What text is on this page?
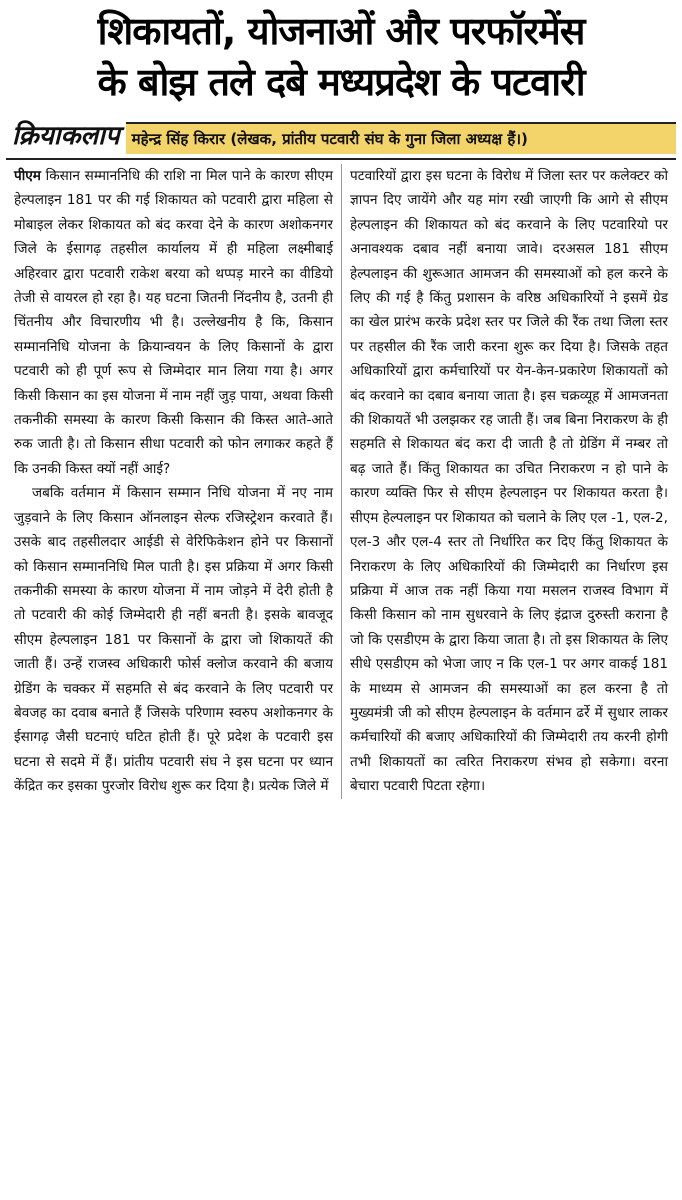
शिकायतों, योजनाओं और परफॉरमेंस
के बोझ तले दबे मध्यप्रदेश के पटवारी
क्रियाकलाप महेन्द्र सिंह किरार (लेखक, प्रांतीय पटवारी संघ के गुना जिला अध्यक्ष हैं।)

पीएम किसान सम्माननिधि की राशि ना मिल पाने के कारण सीएम हेल्पलाइन 181 पर की गई शिकायत को पटवारी द्वारा महिला से मोबाइल लेकर शिकायत को बंद करवा देने के कारण अशोकनगर जिले के ईसागढ़ तहसील कार्यालय में ही महिला लक्ष्मीबाई अहिरवार द्वारा पटवारी राकेश बरया को थप्पड़ मारने का वीडियो तेजी से वायरल हो रहा है। यह घटना जितनी निंदनीय है, उतनी ही चिंतनीय और विचारणीय भी है। उल्लेखनीय है कि, किसान सम्माननिधि योजना के क्रियान्वयन के लिए किसानों के द्वारा पटवारी को ही पूर्ण रूप से जिम्मेदार मान लिया गया है। अगर किसी किसान का इस योजना में नाम नहीं जुड़ पाया, अथवा किसी तकनीकी समस्या के कारण किसी किसान की किस्त आते-आते रुक जाती है। तो किसान सीधा पटवारी को फोन लगाकर कहते हैं कि उनकी किस्त क्यों नहीं आई?

जबकि वर्तमान में किसान सम्मान निधि योजना में नए नाम जुड़वाने के लिए किसान ऑनलाइन सेल्फ रजिस्ट्रेशन करवाते हैं। उसके बाद तहसीलदार आईडी से वेरिफिकेशन होने पर किसानों को किसान सम्माननिधि मिल पाती है। इस प्रक्रिया में अगर किसी तकनीकी समस्या के कारण योजना में नाम जोड़ने में देरी होती है तो पटवारी की कोई जिम्मेदारी ही नहीं बनती है। इसके बावजूद सीएम हेल्पलाइन 181 पर किसानों के द्वारा जो शिकायतें की जाती हैं। उन्हें राजस्व अधिकारी फोर्स क्लोज करवाने की बजाय ग्रेडिंग के चक्कर में सहमति से बंद करवाने के लिए पटवारी पर बेवजह का दवाब बनाते हैं जिसके परिणाम स्वरुप अशोकनगर के ईसागढ़ जैसी घटनाएं घटित होती हैं। पूरे प्रदेश के पटवारी इस घटना से सदमे में हैं। प्रांतीय पटवारी संघ ने इस घटना पर ध्यान केंद्रित कर इसका पुरजोर विरोध शुरू कर दिया है। प्रत्येक जिले में

पटवारियों द्वारा इस घटना के विरोध में जिला स्तर पर कलेक्टर को ज्ञापन दिए जायेंगे और यह मांग रखी जाएगी कि आगे से सीएम हेल्पलाइन की शिकायत को बंद करवाने के लिए पटवारियो पर अनावश्यक दबाव नहीं बनाया जावे। दरअसल 181 सीएम हेल्पलाइन की शुरूआत आमजन की समस्याओं को हल करने के लिए की गई है किंतु प्रशासन के वरिष्ठ अधिकारियों ने इसमें ग्रेड का खेल प्रारंभ करके प्रदेश स्तर पर जिले की रैंक तथा जिला स्तर पर तहसील की रैंक जारी करना शुरू कर दिया है। जिसके तहत अधिकारियों द्वारा कर्मचारियों पर येन-केन-प्रकारेण शिकायतों को बंद करवाने का दबाव बनाया जाता है। इस चक्रव्यूह में आमजनता की शिकायतें भी उलझकर रह जाती हैं। जब बिना निराकरण के ही सहमति से शिकायत बंद करा दी जाती है तो ग्रेडिंग में नम्बर तो बढ़ जाते हैं। किंतु शिकायत का उचित निराकरण न हो पाने के कारण व्यक्ति फिर से सीएम हेल्पलाइन पर शिकायत करता है। सीएम हेल्पलाइन पर शिकायत को चलाने के लिए एल -1, एल-2, एल-3 और एल-4 स्तर तो निर्धारित कर दिए किंतु शिकायत के निराकरण के लिए अधिकारियों की जिम्मेदारी का निर्धारण इस प्रक्रिया में आज तक नहीं किया गया मसलन राजस्व विभाग में किसी किसान को नाम सुधरवाने के लिए इंद्राज दुरुस्ती कराना है जो कि एसडीएम के द्वारा किया जाता है। तो इस शिकायत के लिए सीधे एसडीएम को भेजा जाए न कि एल-1 पर अगर वाकई 181 के माध्यम से आमजन की समस्याओं का हल करना है तो मुख्यमंत्री जी को सीएम हेल्पलाइन के वर्तमान ढर्रे में सुधार लाकर कर्मचारियों की बजाए अधिकारियों की जिम्मेदारी तय करनी होगी तभी शिकायतों का त्वरित निराकरण संभव हो सकेगा। वरना बेचारा पटवारी पिटता रहेगा।
